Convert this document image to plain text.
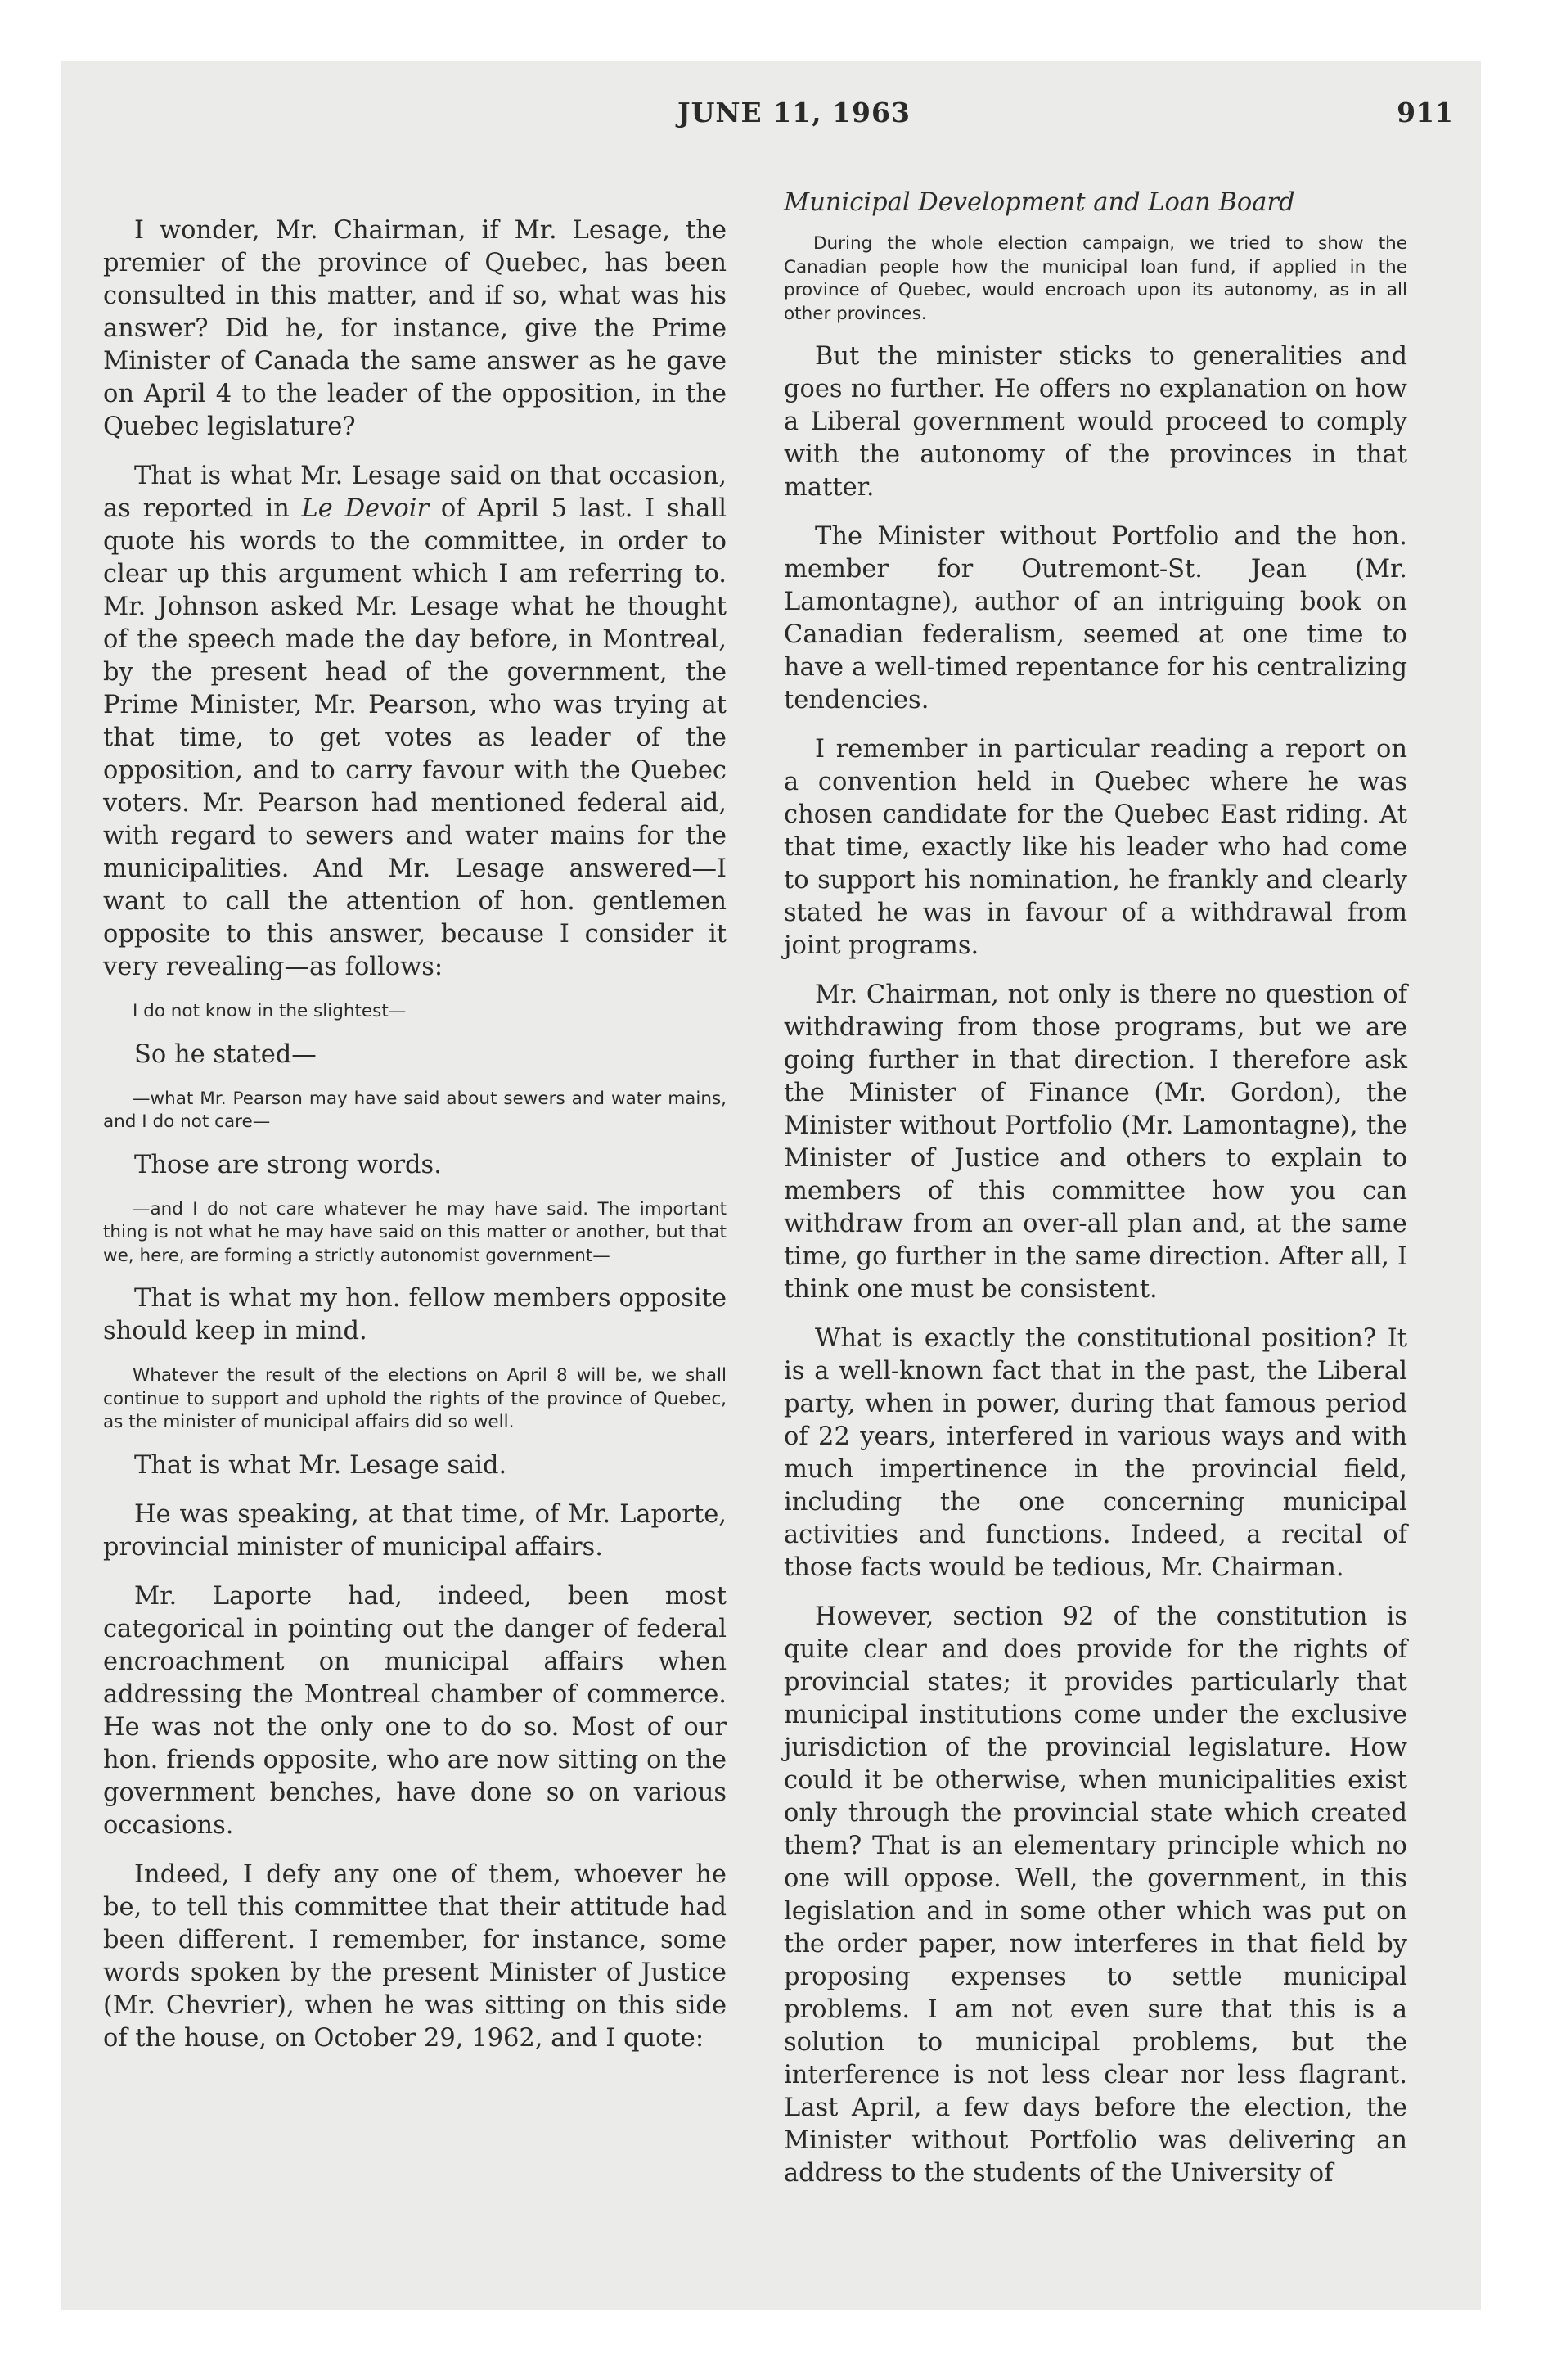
JUNE 11, 1963	911

I wonder, Mr. Chairman, if Mr. Lesage, the premier of the province of Quebec, has been consulted in this matter, and if so, what was his answer? Did he, for instance, give the Prime Minister of Canada the same answer as he gave on April 4 to the leader of the opposition, in the Quebec legislature?

That is what Mr. Lesage said on that occasion, as reported in Le Devoir of April 5 last. I shall quote his words to the committee, in order to clear up this argument which I am referring to. Mr. Johnson asked Mr. Lesage what he thought of the speech made the day before, in Montreal, by the present head of the government, the Prime Minister, Mr. Pearson, who was trying at that time, to get votes as leader of the opposition, and to carry favour with the Quebec voters. Mr. Pearson had mentioned federal aid, with regard to sewers and water mains for the municipalities. And Mr. Lesage answered—I want to call the attention of hon. gentlemen opposite to this answer, because I consider it very revealing—as follows:

I do not know in the slightest—

So he stated—

—what Mr. Pearson may have said about sewers and water mains, and I do not care—

Those are strong words.

—and I do not care whatever he may have said. The important thing is not what he may have said on this matter or another, but that we, here, are forming a strictly autonomist government—

That is what my hon. fellow members opposite should keep in mind.

Whatever the result of the elections on April 8 will be, we shall continue to support and uphold the rights of the province of Quebec, as the minister of municipal affairs did so well.

That is what Mr. Lesage said.

He was speaking, at that time, of Mr. Laporte, provincial minister of municipal affairs.

Mr. Laporte had, indeed, been most categorical in pointing out the danger of federal encroachment on municipal affairs when addressing the Montreal chamber of commerce. He was not the only one to do so. Most of our hon. friends opposite, who are now sitting on the government benches, have done so on various occasions.

Indeed, I defy any one of them, whoever he be, to tell this committee that their attitude had been different. I remember, for instance, some words spoken by the present Minister of Justice (Mr. Chevrier), when he was sitting on this side of the house, on October 29, 1962, and I quote:

Municipal Development and Loan Board

During the whole election campaign, we tried to show the Canadian people how the municipal loan fund, if applied in the province of Quebec, would encroach upon its autonomy, as in all other provinces.

But the minister sticks to generalities and goes no further. He offers no explanation on how a Liberal government would proceed to comply with the autonomy of the provinces in that matter.

The Minister without Portfolio and the hon. member for Outremont-St. Jean (Mr. Lamontagne), author of an intriguing book on Canadian federalism, seemed at one time to have a well-timed repentance for his centralizing tendencies.

I remember in particular reading a report on a convention held in Quebec where he was chosen candidate for the Quebec East riding. At that time, exactly like his leader who had come to support his nomination, he frankly and clearly stated he was in favour of a withdrawal from joint programs.

Mr. Chairman, not only is there no question of withdrawing from those programs, but we are going further in that direction. I therefore ask the Minister of Finance (Mr. Gordon), the Minister without Portfolio (Mr. Lamontagne), the Minister of Justice and others to explain to members of this committee how you can withdraw from an over-all plan and, at the same time, go further in the same direction. After all, I think one must be consistent.

What is exactly the constitutional position? It is a well-known fact that in the past, the Liberal party, when in power, during that famous period of 22 years, interfered in various ways and with much impertinence in the provincial field, including the one concerning municipal activities and functions. Indeed, a recital of those facts would be tedious, Mr. Chairman.

However, section 92 of the constitution is quite clear and does provide for the rights of provincial states; it provides particularly that municipal institutions come under the exclusive jurisdiction of the provincial legislature. How could it be otherwise, when municipalities exist only through the provincial state which created them? That is an elementary principle which no one will oppose. Well, the government, in this legislation and in some other which was put on the order paper, now interferes in that field by proposing expenses to settle municipal problems. I am not even sure that this is a solution to municipal problems, but the interference is not less clear nor less flagrant. Last April, a few days before the election, the Minister without Portfolio was delivering an address to the students of the University of
